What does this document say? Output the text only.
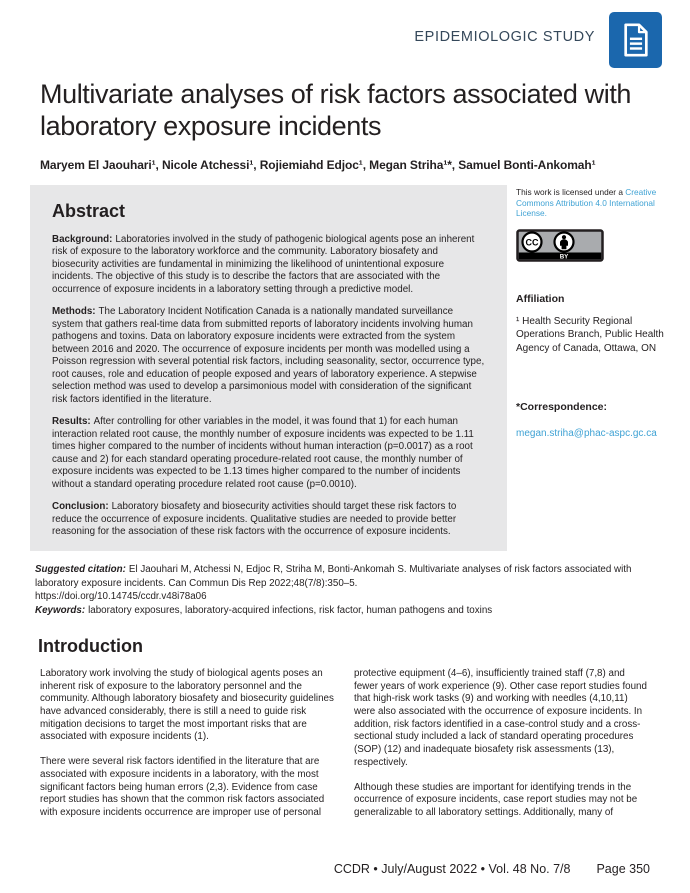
EPIDEMIOLOGIC STUDY
Multivariate analyses of risk factors associated with laboratory exposure incidents

Maryem El Jaouhari¹, Nicole Atchessi¹, Rojiemiahd Edjoc¹, Megan Striha¹*, Samuel Bonti-Ankomah¹

Abstract

Background: Laboratories involved in the study of pathogenic biological agents pose an inherent risk of exposure to the laboratory workforce and the community. Laboratory biosafety and biosecurity activities are fundamental in minimizing the likelihood of unintentional exposure incidents. The objective of this study is to describe the factors that are associated with the occurrence of exposure incidents in a laboratory setting through a predictive model.

Methods: The Laboratory Incident Notification Canada is a nationally mandated surveillance system that gathers real-time data from submitted reports of laboratory incidents involving human pathogens and toxins. Data on laboratory exposure incidents were extracted from the system between 2016 and 2020. The occurrence of exposure incidents per month was modelled using a Poisson regression with several potential risk factors, including seasonality, sector, occurrence type, root causes, role and education of people exposed and years of laboratory experience. A stepwise selection method was used to develop a parsimonious model with consideration of the significant risk factors identified in the literature.

Results: After controlling for other variables in the model, it was found that 1) for each human interaction related root cause, the monthly number of exposure incidents was expected to be 1.11 times higher compared to the number of incidents without human interaction (p=0.0017) as a root cause and 2) for each standard operating procedure-related root cause, the monthly number of exposure incidents was expected to be 1.13 times higher compared to the number of incidents without a standard operating procedure related root cause (p=0.0010).

Conclusion: Laboratory biosafety and biosecurity activities should target these risk factors to reduce the occurrence of exposure incidents. Qualitative studies are needed to provide better reasoning for the association of these risk factors with the occurrence of exposure incidents.

This work is licensed under a Creative Commons Attribution 4.0 International License.

CC
BY
Affiliation

¹ Health Security Regional Operations Branch, Public Health Agency of Canada, Ottawa, ON

*Correspondence:
megan.striha@phac-aspc.gc.ca

Suggested citation: El Jaouhari M, Atchessi N, Edjoc R, Striha M, Bonti-Ankomah S. Multivariate analyses of risk factors associated with laboratory exposure incidents. Can Commun Dis Rep 2022;48(7/8):350–5.
https://doi.org/10.14745/ccdr.v48i78a06

Keywords: laboratory exposures, laboratory-acquired infections, risk factor, human pathogens and toxins

Introduction

Laboratory work involving the study of biological agents poses an inherent risk of exposure to the laboratory personnel and the community. Although laboratory biosafety and biosecurity guidelines have advanced considerably, there is still a need to guide risk mitigation decisions to target the most important risks that are associated with exposure incidents (1).

There were several risk factors identified in the literature that are associated with exposure incidents in a laboratory, with the most significant factors being human errors (2,3). Evidence from case report studies has shown that the common risk factors associated with exposure incidents occurrence are improper use of personal

protective equipment (4–6), insufficiently trained staff (7,8) and fewer years of work experience (9). Other case report studies found that high-risk work tasks (9) and working with needles (4,10,11) were also associated with the occurrence of exposure incidents. In addition, risk factors identified in a case-control study and a cross-sectional study included a lack of standard operating procedures (SOP) (12) and inadequate biosafety risk assessments (13), respectively.

Although these studies are important for identifying trends in the occurrence of exposure incidents, case report studies may not be generalizable to all laboratory settings. Additionally, many of

CCDR • July/August 2022 • Vol. 48 No. 7/8 Page 350
